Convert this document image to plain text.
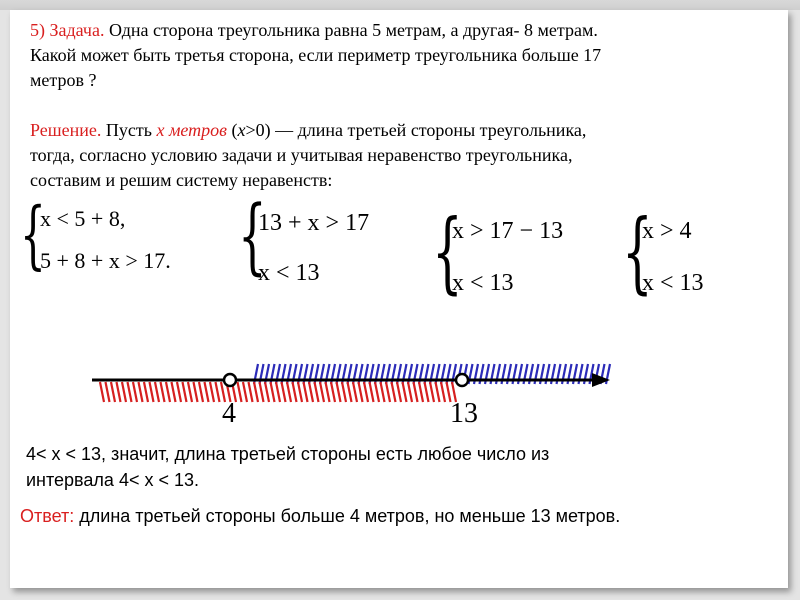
5) Задача. Одна сторона треугольника равна 5 метрам, а другая- 8 метрам.
Какой может быть третья сторона, если периметр треугольника больше 17
метров ?
Решение. Пусть х метров (х>0) — длина третьей стороны треугольника,
тогда, согласно условию задачи и учитывая неравенство треугольника,
составим и решим систему неравенств:
{
x < 5 + 8,
5 + 8 + x > 17. {
13 + x > 17
x < 13 {
x > 17 − 13
x < 13 {
x > 4
x < 13
4	13
4< x < 13, значит, длина третьей стороны есть любое число из
интервала 4< x < 13.
Ответ: длина третьей стороны больше 4 метров, но меньше 13 метров.
